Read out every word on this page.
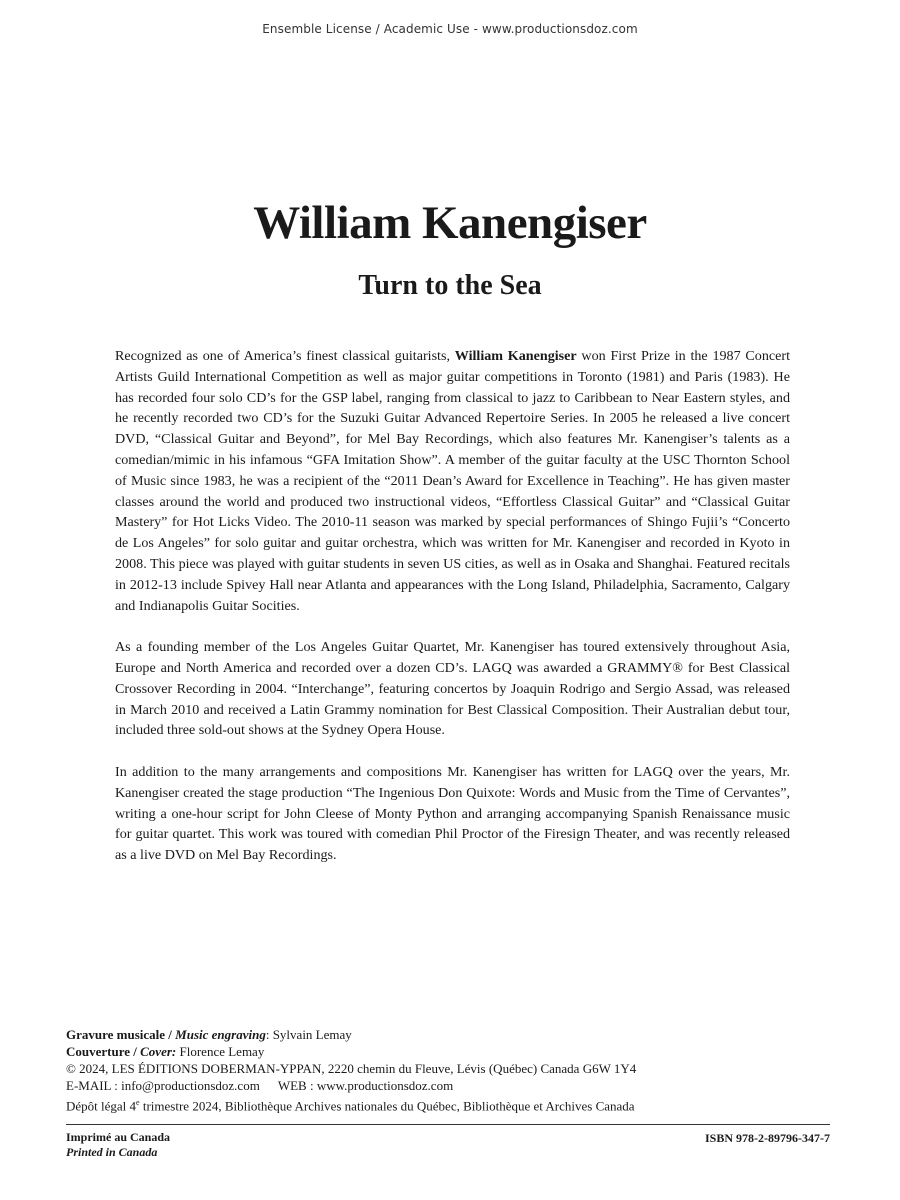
Ensemble License / Academic Use - www.productionsdoz.com
William Kanengiser
Turn to the Sea

Recognized as one of America’s finest classical guitarists, William Kanengiser won First Prize in the 1987 Concert Artists Guild International Competition as well as major guitar competitions in Toronto (1981) and Paris (1983). He has recorded four solo CD’s for the GSP label, ranging from classical to jazz to Caribbean to Near Eastern styles, and he recently recorded two CD’s for the Suzuki Guitar Advanced Repertoire Series. In 2005 he released a live concert DVD, “Classical Guitar and Beyond”, for Mel Bay Recordings, which also features Mr. Kanengiser’s talents as a comedian/mimic in his infamous “GFA Imitation Show”. A member of the guitar faculty at the USC Thornton School of Music since 1983, he was a recipient of the “2011 Dean’s Award for Excellence in Teaching”. He has given master classes around the world and produced two instructional videos, “Effortless Classical Guitar” and “Classical Guitar Mastery” for Hot Licks Video. The 2010-11 season was marked by special performances of Shingo Fujii’s “Concerto de Los Angeles” for solo guitar and guitar orchestra, which was written for Mr. Kanengiser and recorded in Kyoto in 2008. This piece was played with guitar students in seven US cities, as well as in Osaka and Shanghai. Featured recitals in 2012-13 include Spivey Hall near Atlanta and appearances with the Long Island, Philadelphia, Sacramento, Calgary and Indianapolis Guitar Socities.

As a founding member of the Los Angeles Guitar Quartet, Mr. Kanengiser has toured extensively throughout Asia, Europe and North America and recorded over a dozen CD’s. LAGQ was awarded a GRAMMY® for Best Classical Crossover Recording in 2004. “Interchange”, featuring concertos by Joaquin Rodrigo and Sergio Assad, was released in March 2010 and received a Latin Grammy nomination for Best Classical Composition. Their Australian debut tour, included three sold-out shows at the Sydney Opera House.

In addition to the many arrangements and compositions Mr. Kanengiser has written for LAGQ over the years, Mr. Kanengiser created the stage production “The Ingenious Don Quixote: Words and Music from the Time of Cervantes”, writing a one-hour script for John Cleese of Monty Python and arranging accompanying Spanish Renaissance music for guitar quartet. This work was toured with comedian Phil Proctor of the Firesign Theater, and was recently released as a live DVD on Mel Bay Recordings.

Gravure musicale / Music engraving: Sylvain Lemay
Couverture / Cover: Florence Lemay
© 2024, LES ÉDITIONS DOBERMAN-YPPAN, 2220 chemin du Fleuve, Lévis (Québec) Canada G6W 1Y4
E-MAIL : info@productionsdoz.com WEB : www.productionsdoz.com
Dépôt légal 4e trimestre 2024, Bibliothèque Archives nationales du Québec, Bibliothèque et Archives Canada
Imprimé au Canada
Printed in Canada
ISBN 978-2-89796-347-7
